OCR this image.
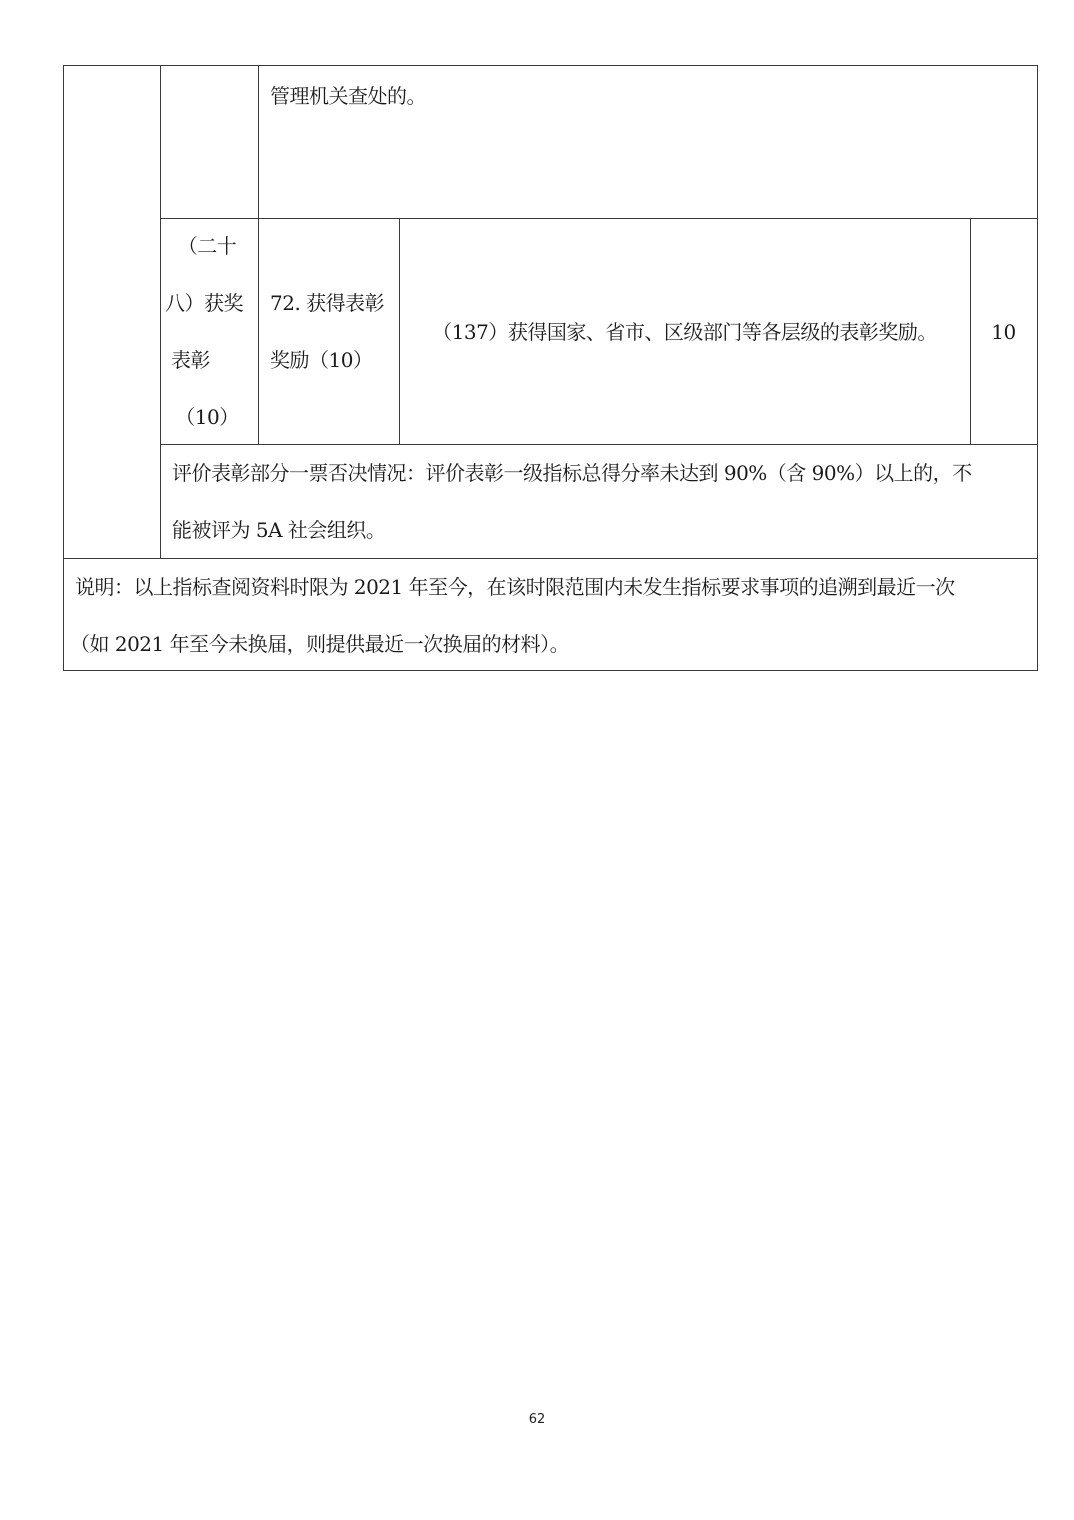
管理机关查处的。
（二十
八）获奖
表彰
（10）
72. 获得表彰
奖励（10）
（137）获得国家、省市、区级部门等各层级的表彰奖励。	10
评价表彰部分一票否决情况：评价表彰一级指标总得分率未达到 90%（含 90%）以上的，不
能被评为 5A 社会组织。
说明：以上指标查阅资料时限为 2021 年至今，在该时限范围内未发生指标要求事项的追溯到最近一次
（如 2021 年至今未换届，则提供最近一次换届的材料）。
62
